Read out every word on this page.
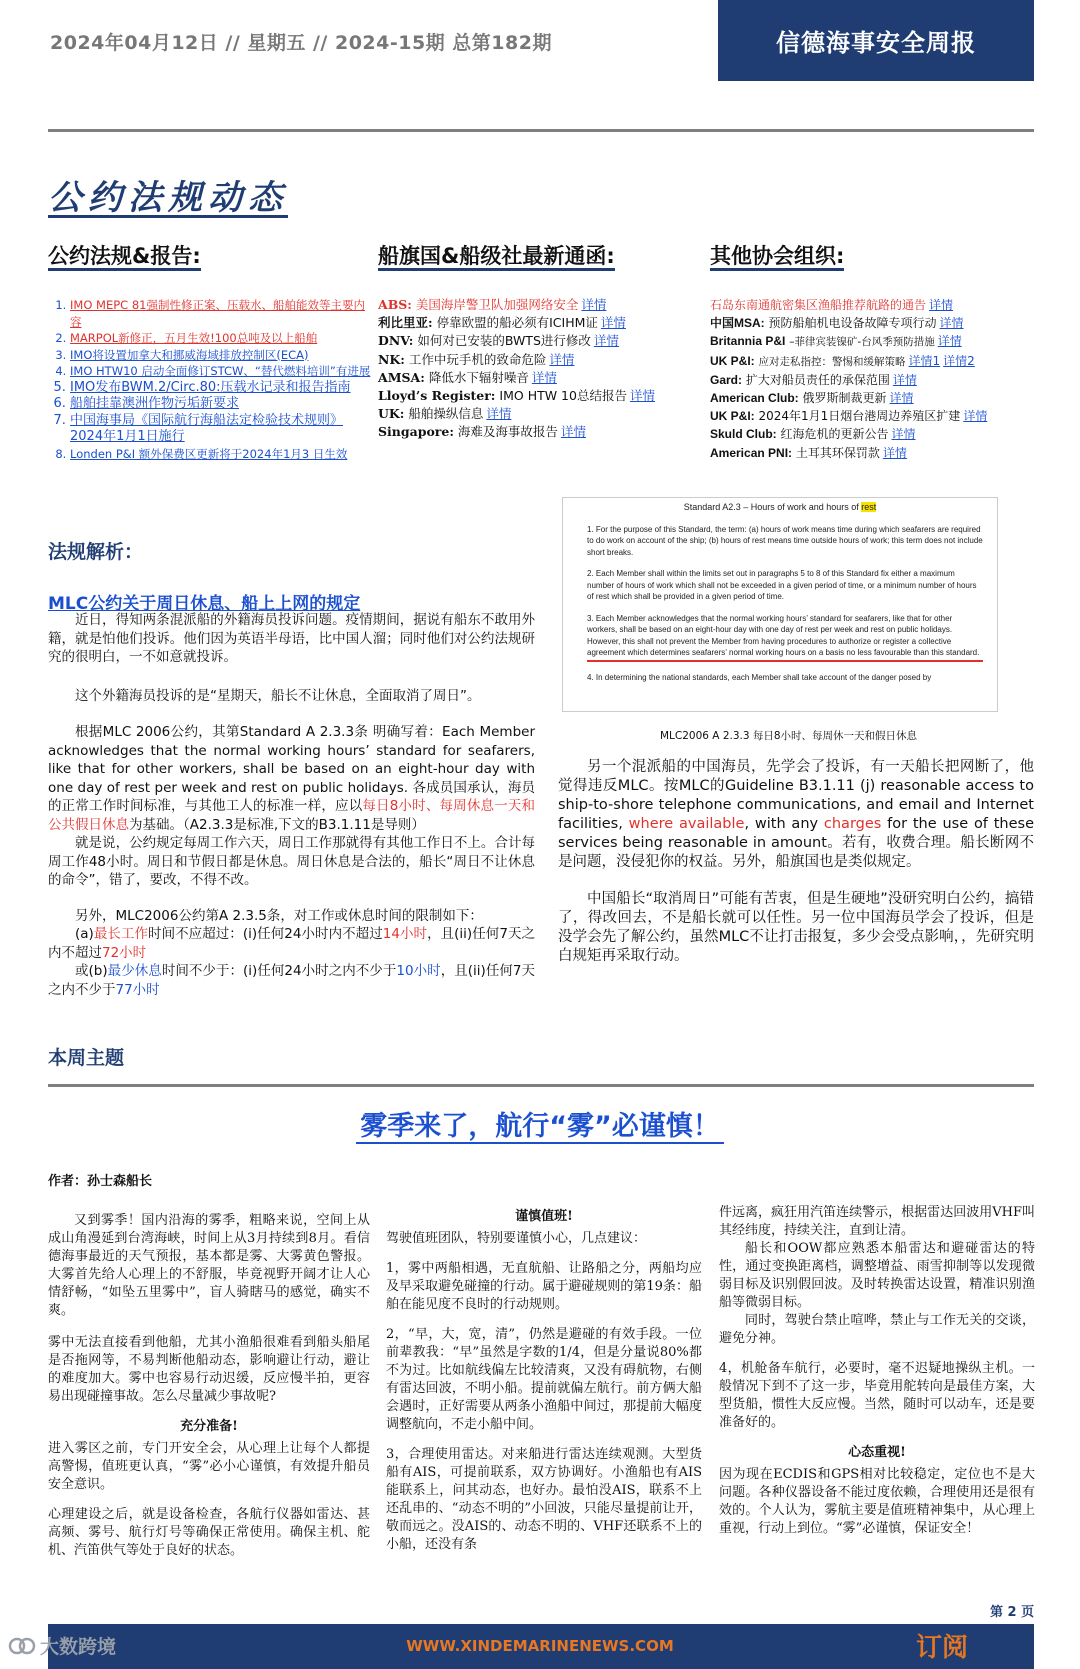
2024年04月12日 // 星期五 // 2024-15期 总第182期	信德海事安全周报
公约法规动态
公约法规&报告:	船旗国&船级社最新通函:	其他协会组织:
1. IMO MEPC 81强制性修正案、压载水、船舶能效等主要内容
2. MARPOL新修正，五月生效!100总吨及以上船舶
3. IMO将设置加拿大和挪威海域排放控制区(ECA)
4. IMO HTW10 启动全面修订STCW、“替代燃料培训”有进展
5. IMO发布BWM.2/Circ.80:压载水记录和报告指南
6. 船舶挂靠澳洲作物污垢新要求
7. 中国海事局《国际航行海船法定检验技术规则》2024年1月1日施行
8. Londen P&I 额外保费区更新将于2024年1月3 日生效
ABS: 美国海岸警卫队加强网络安全 详情
利比里亚: 停靠欧盟的船必须有ICIHM证 详情
DNV: 如何对已安装的BWTS进行修改 详情
NK: 工作中玩手机的致命危险 详情
AMSA: 降低水下辐射噪音 详情
Lloyd’s Register: IMO HTW 10总结报告 详情
UK: 船舶操纵信息 详情
Singapore: 海难及海事故报告 详情
石岛东南通航密集区渔船推荐航路的通告 详情
中国MSA: 预防船舶机电设备故障专项行动 详情
Britannia P&I –菲律宾装镍矿-台风季预防措施 详情
UK P&I: 应对走私指控：警惕和缓解策略 详情1 详情2
Gard: 扩大对船员责任的承保范围 详情
American Club: 俄罗斯制裁更新 详情
UK P&I: 2024年1月1日烟台港周边养殖区扩建 详情
Skuld Club: 红海危机的更新公告 详情
American PNI: 土耳其环保罚款 详情
法规解析：
MLC公约关于周日休息、船上上网的规定
近日，得知两条混派船的外籍海员投诉问题。疫情期间，据说有船东不敢用外籍，就是怕他们投诉。他们因为英语半母语，比中国人溜；同时他们对公约法规研究的很明白，一不如意就投诉。
这个外籍海员投诉的是“星期天，船长不让休息，全面取消了周日”。
根据MLC 2006公约，其第Standard A 2.3.3条 明确写着：Each Member acknowledges that the normal working hours’ standard for seafarers, like that for other workers, shall be based on an eight-hour day with one day of rest per week and rest on public holidays. 各成员国承认，海员的正常工作时间标准，与其他工人的标准一样，应以每日8小时、每周休息一天和公共假日休息为基础。（A2.3.3是标准,下文的B3.1.11是导则）
就是说，公约规定每周工作六天，周日工作那就得有其他工作日不上。合计每周工作48小时。周日和节假日都是休息。周日休息是合法的，船长“周日不让休息的命令”，错了，要改，不得不改。
另外，MLC2006公约第A 2.3.5条，对工作或休息时间的限制如下：
(a)最长工作时间不应超过：(i)任何24小时内不超过14小时，且(ii)任何7天之内不超过72小时
或(b)最少休息时间不少于：(i)任何24小时之内不少于10小时，且(ii)任何7天之内不少于77小时
Standard A2.3 – Hours of work and hours of rest
1. For the purpose of this Standard, the term: (a) hours of work means time during which seafarers are required to do work on account of the ship; (b) hours of rest means time outside hours of work; this term does not include short breaks.
2. Each Member shall within the limits set out in paragraphs 5 to 8 of this Standard fix either a maximum number of hours of work which shall not be exceeded in a given period of time, or a minimum number of hours of rest which shall be provided in a given period of time.
3. Each Member acknowledges that the normal working hours’ standard for seafarers, like that for other workers, shall be based on an eight-hour day with one day of rest per week and rest on public holidays. However, this shall not prevent the Member from having procedures to authorize or register a collective agreement which determines seafarers’ normal working hours on a basis no less favourable than this standard.
4. In determining the national standards, each Member shall take account of the danger posed by
MLC2006 A 2.3.3 每日8小时、每周休一天和假日休息
另一个混派船的中国海员，先学会了投诉，有一天船长把网断了，他觉得违反MLC。按MLC的Guideline B3.1.11 (j) reasonable access to ship-to-shore telephone communications, and email and Internet facilities, where available, with any charges for the use of these services being reasonable in amount。若有，收费合理。船长断网不是问题，没侵犯你的权益。另外，船旗国也是类似规定。
中国船长“取消周日”可能有苦衷，但是生硬地”没研究明白公约，搞错了，得改回去，不是船长就可以任性。另一位中国海员学会了投诉，但是没学会先了解公约，虽然MLC不让打击报复，多少会受点影响，，先研究明白规矩再采取行动。
本周主题
雾季来了，航行“雾”必谨慎！
作者：孙士森船长
又到雾季！国内沿海的雾季，粗略来说，空间上从成山角漫延到台湾海峡，时间上从3月持续到8月。看信德海事最近的天气预报，基本都是雾、大雾黄色警报。大雾首先给人心理上的不舒服，毕竟视野开阔才让人心情舒畅，“如坠五里雾中”，盲人骑瞎马的感觉，确实不爽。
雾中无法直接看到他船，尤其小渔船很难看到船头船尾是否拖网等，不易判断他船动态，影响避让行动，避让的难度加大。雾中也容易行动迟缓，反应慢半拍，更容易出现碰撞事故。怎么尽量减少事故呢?
充分准备!
进入雾区之前，专门开安全会，从心理上让每个人都提高警惕，值班更认真，“雾”必小心谨慎，有效提升船员安全意识。
心理建设之后，就是设备检查，各航行仪器如雷达、甚高频、雾号、航行灯号等确保正常使用。确保主机、舵机、汽笛供气等处于良好的状态。
谨慎值班!
驾驶值班团队，特别要谨慎小心，几点建议：
1，雾中两船相遇，无直航船、让路船之分，两船均应及早采取避免碰撞的行动。属于避碰规则的第19条：船舶在能见度不良时的行动规则。
2，“早，大，宽，清”，仍然是避碰的有效手段。一位前辈教我：“早”虽然是字数的1/4，但是分量说80%都不为过。比如航线偏左比较清爽，又没有碍航物，右侧有雷达回波，不明小船。提前就偏左航行。前方俩大船会遇时，正好需要从两条小渔船中间过，那提前大幅度调整航向，不走小船中间。
3，合理使用雷达。对来船进行雷达连续观测。大型货船有AIS，可提前联系，双方协调好。小渔船也有AIS能联系上，问其动态，也好办。最怕没AIS，联系不上还乱串的、“动态不明的”小回波，只能尽量提前让开，敬而远之。没AIS的、动态不明的、VHF还联系不上的小船，还没有条
件远离，疯狂用汽笛连续警示，根据雷达回波用VHF叫其经纬度，持续关注，直到让清。
船长和OOW都应熟悉本船雷达和避碰雷达的特性，通过变换距离档，调整增益、雨雪抑制等以发现微弱目标及识别假回波。及时转换雷达设置，精准识别渔船等微弱目标。
同时，驾驶台禁止喧哗，禁止与工作无关的交谈，避免分神。
4，机舱备车航行，必要时，毫不迟疑地操纵主机。一般情况下到不了这一步，毕竟用舵转向是最佳方案，大型货船，惯性大反应慢。当然，随时可以动车，还是要准备好的。
心态重视!
因为现在ECDIS和GPS相对比较稳定，定位也不是大问题。各种仪器设备不能过度依赖，合理使用还是很有效的。个人认为，雾航主要是值班精神集中，从心理上重视，行动上到位。“雾”必谨慎，保证安全！
第 2 页
WWW.XINDEMARINENEWS.COM	订阅
大数跨境
